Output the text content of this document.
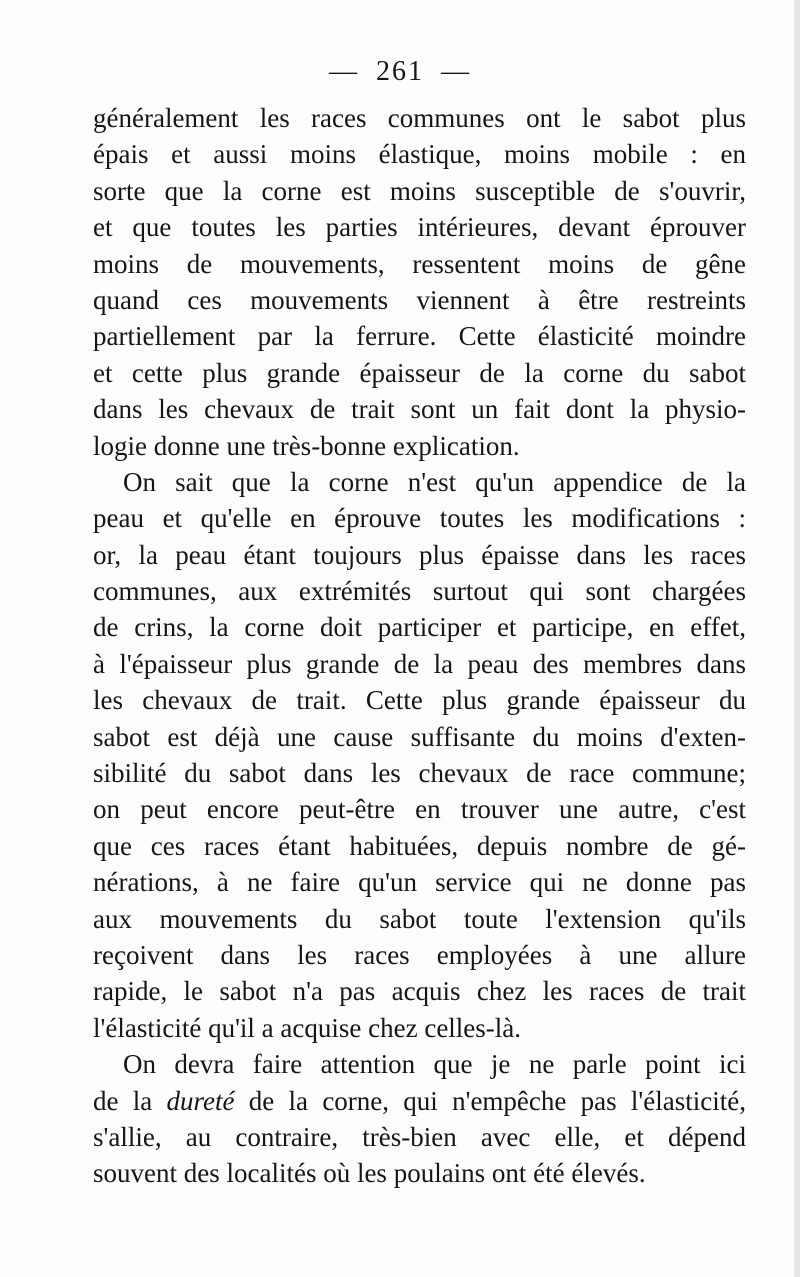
— 261 —
généralement les races communes ont le sabot plus
épais et aussi moins élastique, moins mobile : en
sorte que la corne est moins susceptible de s'ouvrir,
et que toutes les parties intérieures, devant éprouver
moins de mouvements, ressentent moins de gêne
quand ces mouvements viennent à être restreints
partiellement par la ferrure. Cette élasticité moindre
et cette plus grande épaisseur de la corne du sabot
dans les chevaux de trait sont un fait dont la physio-
logie donne une très-bonne explication.
On sait que la corne n'est qu'un appendice de la
peau et qu'elle en éprouve toutes les modifications :
or, la peau étant toujours plus épaisse dans les races
communes, aux extrémités surtout qui sont chargées
de crins, la corne doit participer et participe, en effet,
à l'épaisseur plus grande de la peau des membres dans
les chevaux de trait. Cette plus grande épaisseur du
sabot est déjà une cause suffisante du moins d'exten-
sibilité du sabot dans les chevaux de race commune;
on peut encore peut-être en trouver une autre, c'est
que ces races étant habituées, depuis nombre de gé-
nérations, à ne faire qu'un service qui ne donne pas
aux mouvements du sabot toute l'extension qu'ils
reçoivent dans les races employées à une allure
rapide, le sabot n'a pas acquis chez les races de trait
l'élasticité qu'il a acquise chez celles-là.
On devra faire attention que je ne parle point ici
de la dureté de la corne, qui n'empêche pas l'élasticité,
s'allie, au contraire, très-bien avec elle, et dépend
souvent des localités où les poulains ont été élevés.
